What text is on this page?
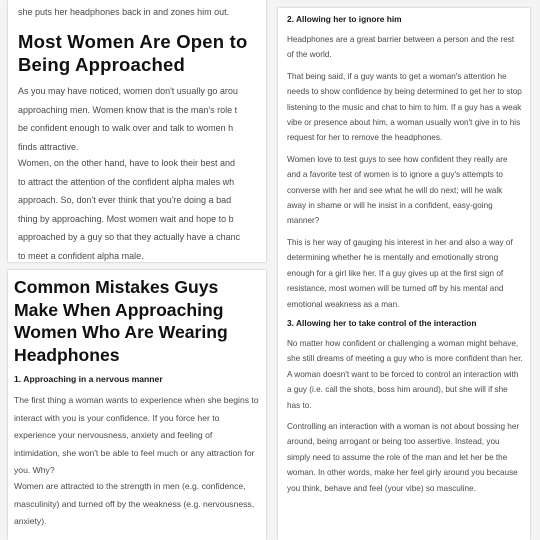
she puts her headphones back in and zones him out.
Most Women Are Open to Being Approached

As you may have noticed, women don't usually go arou

approaching men. Women know that is the man's role t

be confident enough to walk over and talk to women h

finds attractive.

Women, on the other hand, have to look their best and

to attract the attention of the confident alpha males wh

approach. So, don't ever think that you're doing a bad

thing by approaching. Most women wait and hope to b

approached by a guy so that they actually have a chanc

to meet a confident alpha male.

Common Mistakes Guys Make When Approaching Women Who Are Wearing Headphones
1. Approaching in a nervous manner

The first thing a woman wants to experience when she begins to interact with you is your confidence. If you force her to experience your nervousness, anxiety and feeling of intimidation, she won't be able to feel much or any attraction for you. Why?

Women are attracted to the strength in men (e.g. confidence, masculinity) and turned off by the weakness (e.g. nervousness, anxiety).

2. Allowing her to ignore him

Headphones are a great barrier between a person and the rest of the world.

That being said, if a guy wants to get a woman's attention he needs to show confidence by being determined to get her to stop listening to the music and chat to him to him. If a guy has a weak vibe or presence about him, a woman usually won't give in to his request for her to remove the headphones.

Women love to test guys to see how confident they really are and a favorite test of women is to ignore a guy's attempts to converse with her and see what he will do next; will he walk away in shame or will he insist in a confident, easy-going manner?

This is her way of gauging his interest in her and also a way of determining whether he is mentally and emotionally strong enough for a girl like her. If a guy gives up at the first sign of resistance, most women will be turned off by his mental and emotional weakness as a man.

3. Allowing her to take control of the interaction

No matter how confident or challenging a woman might behave, she still dreams of meeting a guy who is more confident than her. A woman doesn't want to be forced to control an interaction with a guy (i.e. call the shots, boss him around), but she will if she has to.

Controlling an interaction with a woman is not about bossing her around, being arrogant or being too assertive. Instead, you simply need to assume the role of the man and let her be the woman. In other words, make her feel girly around you because you think, behave and feel (your vibe) so masculine.
